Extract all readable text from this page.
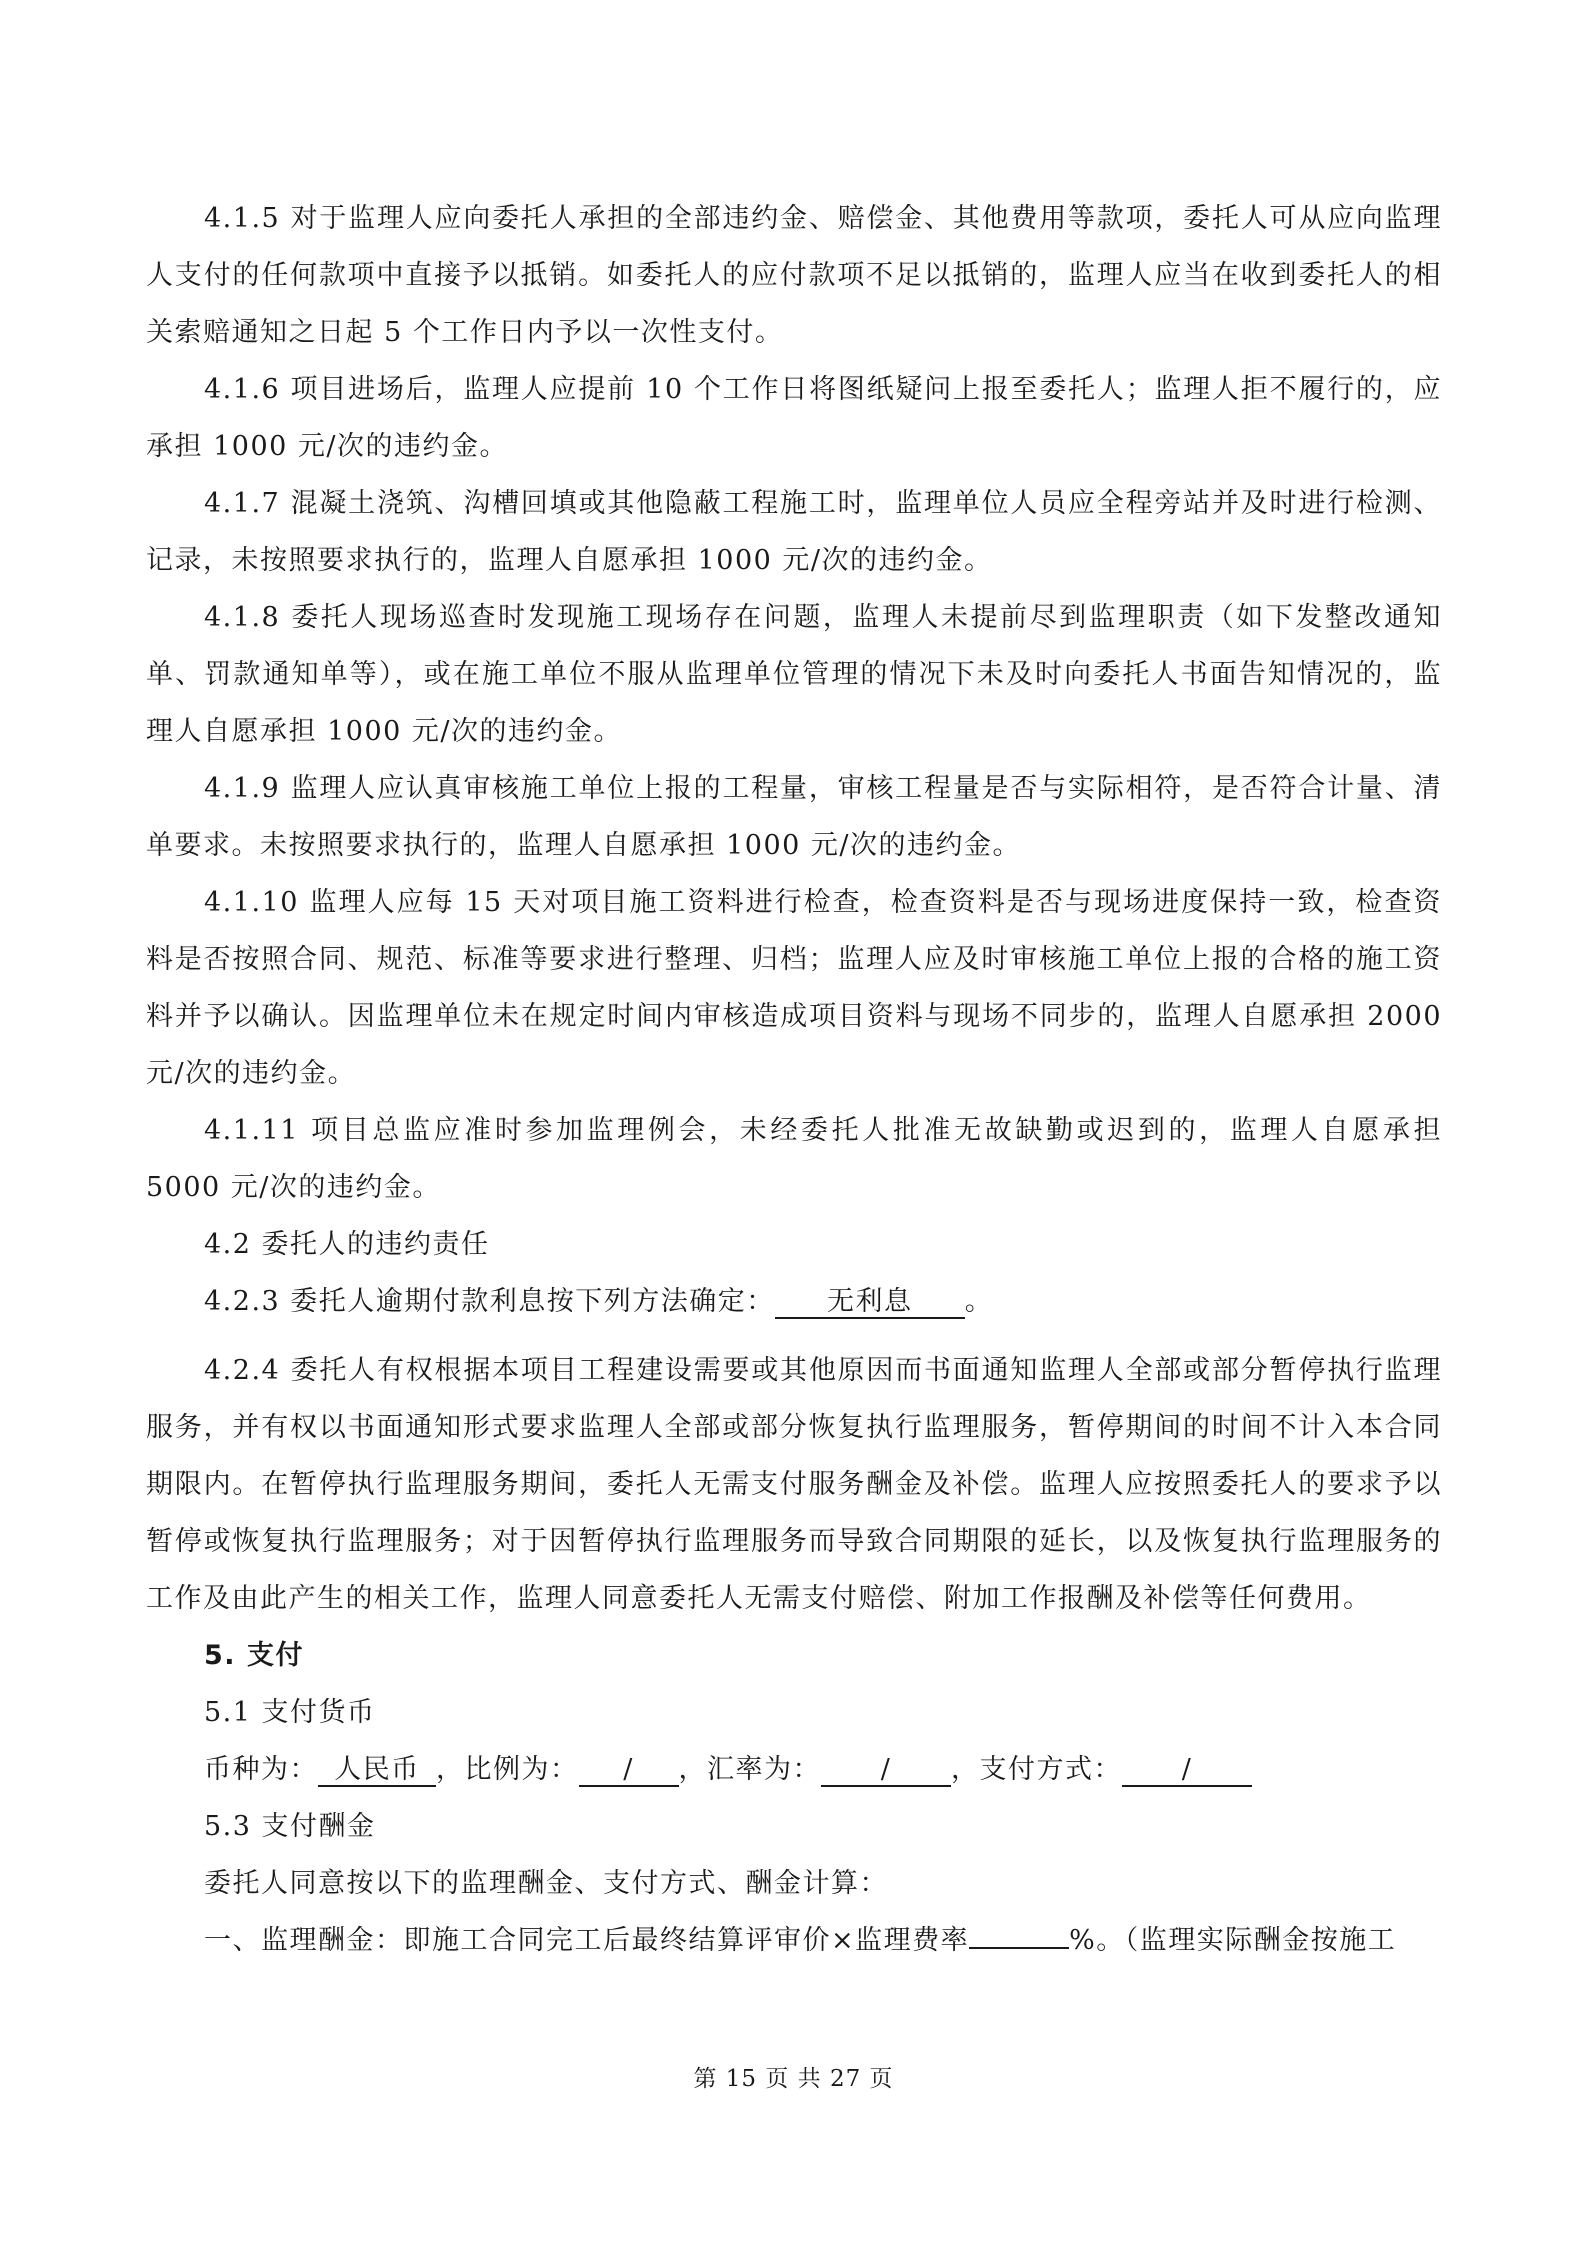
4.1.5 对于监理人应向委托人承担的全部违约金、赔偿金、其他费用等款项，委托人可从应向监理人支付的任何款项中直接予以抵销。如委托人的应付款项不足以抵销的，监理人应当在收到委托人的相关索赔通知之日起 5 个工作日内予以一次性支付。

4.1.6 项目进场后，监理人应提前 10 个工作日将图纸疑问上报至委托人；监理人拒不履行的，应承担 1000 元/次的违约金。

4.1.7 混凝土浇筑、沟槽回填或其他隐蔽工程施工时，监理单位人员应全程旁站并及时进行检测、记录，未按照要求执行的，监理人自愿承担 1000 元/次的违约金。

4.1.8 委托人现场巡查时发现施工现场存在问题，监理人未提前尽到监理职责（如下发整改通知单、罚款通知单等），或在施工单位不服从监理单位管理的情况下未及时向委托人书面告知情况的，监理人自愿承担 1000 元/次的违约金。

4.1.9 监理人应认真审核施工单位上报的工程量，审核工程量是否与实际相符，是否符合计量、清单要求。未按照要求执行的，监理人自愿承担 1000 元/次的违约金。

4.1.10 监理人应每 15 天对项目施工资料进行检查，检查资料是否与现场进度保持一致，检查资料是否按照合同、规范、标准等要求进行整理、归档；监理人应及时审核施工单位上报的合格的施工资料并予以确认。因监理单位未在规定时间内审核造成项目资料与现场不同步的，监理人自愿承担 2000 元/次的违约金。

4.1.11 项目总监应准时参加监理例会，未经委托人批准无故缺勤或迟到的，监理人自愿承担 5000 元/次的违约金。

4.2 委托人的违约责任

4.2.3 委托人逾期付款利息按下列方法确定： 无利息 。

4.2.4 委托人有权根据本项目工程建设需要或其他原因而书面通知监理人全部或部分暂停执行监理服务，并有权以书面通知形式要求监理人全部或部分恢复执行监理服务，暂停期间的时间不计入本合同期限内。在暂停执行监理服务期间，委托人无需支付服务酬金及补偿。监理人应按照委托人的要求予以暂停或恢复执行监理服务；对于因暂停执行监理服务而导致合同期限的延长，以及恢复执行监理服务的工作及由此产生的相关工作，监理人同意委托人无需支付赔偿、附加工作报酬及补偿等任何费用。

5. 支付

5.1 支付货币

币种为： 人民币 ，比例为： / ，汇率为： / ，支付方式： /

5.3 支付酬金

委托人同意按以下的监理酬金、支付方式、酬金计算：

一、监理酬金：即施工合同完工后最终结算评审价×监理费率	%。（监理实际酬金按施工

第 15 页 共 27 页
